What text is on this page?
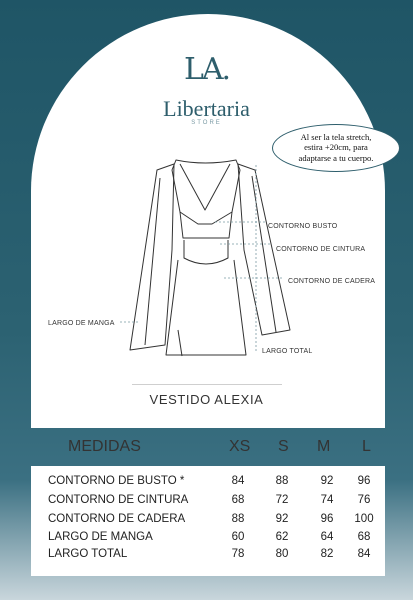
LA.
Libertaria
STORE
Al ser la tela stretch,
estira +20cm, para
adaptarse a tu cuerpo.
CONTORNO BUSTO
CONTORNO DE CINTURA
CONTORNO DE CADERA
LARGO DE MANGA
LARGO TOTAL
VESTIDO ALEXIA
MEDIDAS	XS S M L
CONTORNO DE BUSTO *	84	88	92	96
CONTORNO DE CINTURA	68	72	74	76
CONTORNO DE CADERA	88	92	96	100
LARGO DE MANGA	60	62	64	68
LARGO TOTAL	78	80	82	84
